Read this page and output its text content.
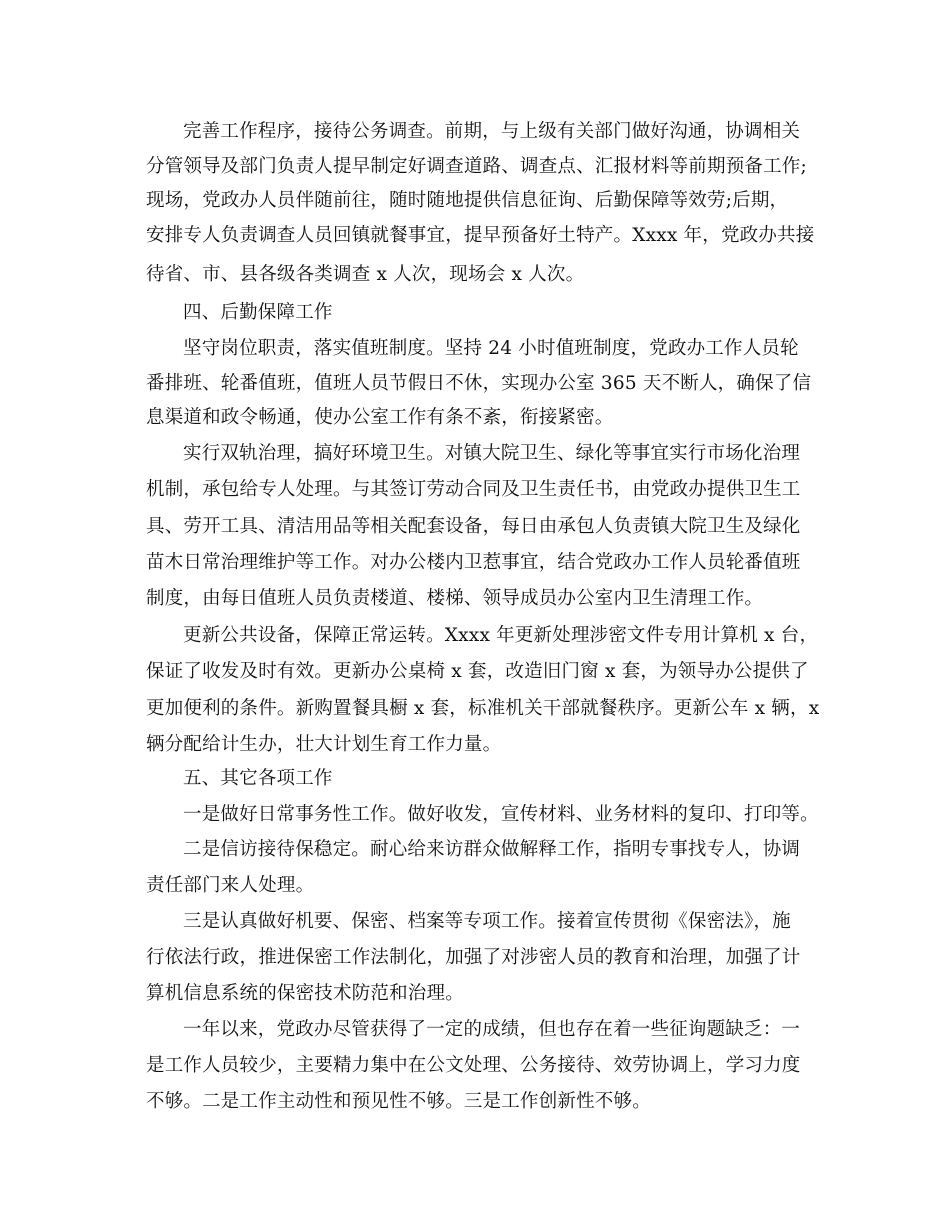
完善工作程序，接待公务调查。前期，与上级有关部门做好沟通，协调相关
分管领导及部门负责人提早制定好调查道路、调查点、汇报材料等前期预备工作;
现场，党政办人员伴随前往，随时随地提供信息征询、后勤保障等效劳;后期，
安排专人负责调查人员回镇就餐事宜，提早预备好土特产。Xxxx 年，党政办共接
待省、市、县各级各类调查 x 人次，现场会 x 人次。
四、后勤保障工作
坚守岗位职责，落实值班制度。坚持 24 小时值班制度，党政办工作人员轮
番排班、轮番值班，值班人员节假日不休，实现办公室 365 天不断人，确保了信
息渠道和政令畅通，使办公室工作有条不紊，衔接紧密。
实行双轨治理，搞好环境卫生。对镇大院卫生、绿化等事宜实行市场化治理
机制，承包给专人处理。与其签订劳动合同及卫生责任书，由党政办提供卫生工
具、劳开工具、清洁用品等相关配套设备，每日由承包人负责镇大院卫生及绿化
苗木日常治理维护等工作。对办公楼内卫惹事宜，结合党政办工作人员轮番值班
制度，由每日值班人员负责楼道、楼梯、领导成员办公室内卫生清理工作。
更新公共设备，保障正常运转。Xxxx 年更新处理涉密文件专用计算机 x 台，
保证了收发及时有效。更新办公桌椅 x 套，改造旧门窗 x 套，为领导办公提供了
更加便利的条件。新购置餐具橱 x 套，标准机关干部就餐秩序。更新公车 x 辆，x
辆分配给计生办，壮大计划生育工作力量。
五、其它各项工作
一是做好日常事务性工作。做好收发，宣传材料、业务材料的复印、打印等。
二是信访接待保稳定。耐心给来访群众做解释工作，指明专事找专人，协调
责任部门来人处理。
三是认真做好机要、保密、档案等专项工作。接着宣传贯彻《保密法》，施
行依法行政，推进保密工作法制化，加强了对涉密人员的教育和治理，加强了计
算机信息系统的保密技术防范和治理。
一年以来，党政办尽管获得了一定的成绩，但也存在着一些征询题缺乏：一
是工作人员较少，主要精力集中在公文处理、公务接待、效劳协调上，学习力度
不够。二是工作主动性和预见性不够。三是工作创新性不够。
